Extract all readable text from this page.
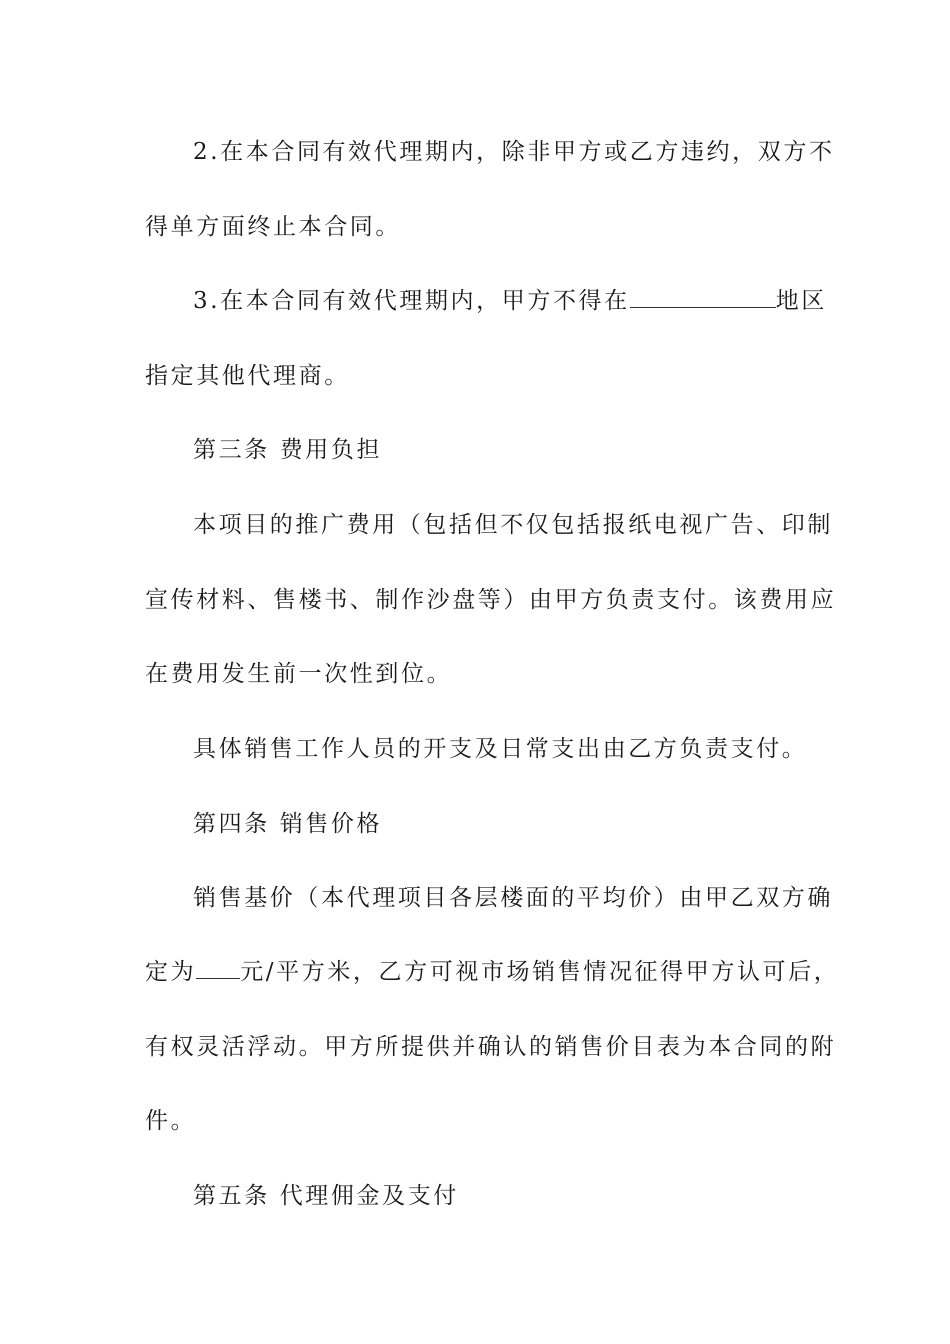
2.在本合同有效代理期内，除非甲方或乙方违约，双方不
得单方面终止本合同。
3.在本合同有效代理期内，甲方不得在	地区
指定其他代理商。
第三条 费用负担
本项目的推广费用（包括但不仅包括报纸电视广告、印制
宣传材料、售楼书、制作沙盘等）由甲方负责支付。该费用应
在费用发生前一次性到位。
具体销售工作人员的开支及日常支出由乙方负责支付。
第四条 销售价格
销售基价（本代理项目各层楼面的平均价）由甲乙双方确
定为 元/平方米，乙方可视市场销售情况征得甲方认可后，
有权灵活浮动。甲方所提供并确认的销售价目表为本合同的附
件。
第五条 代理佣金及支付
